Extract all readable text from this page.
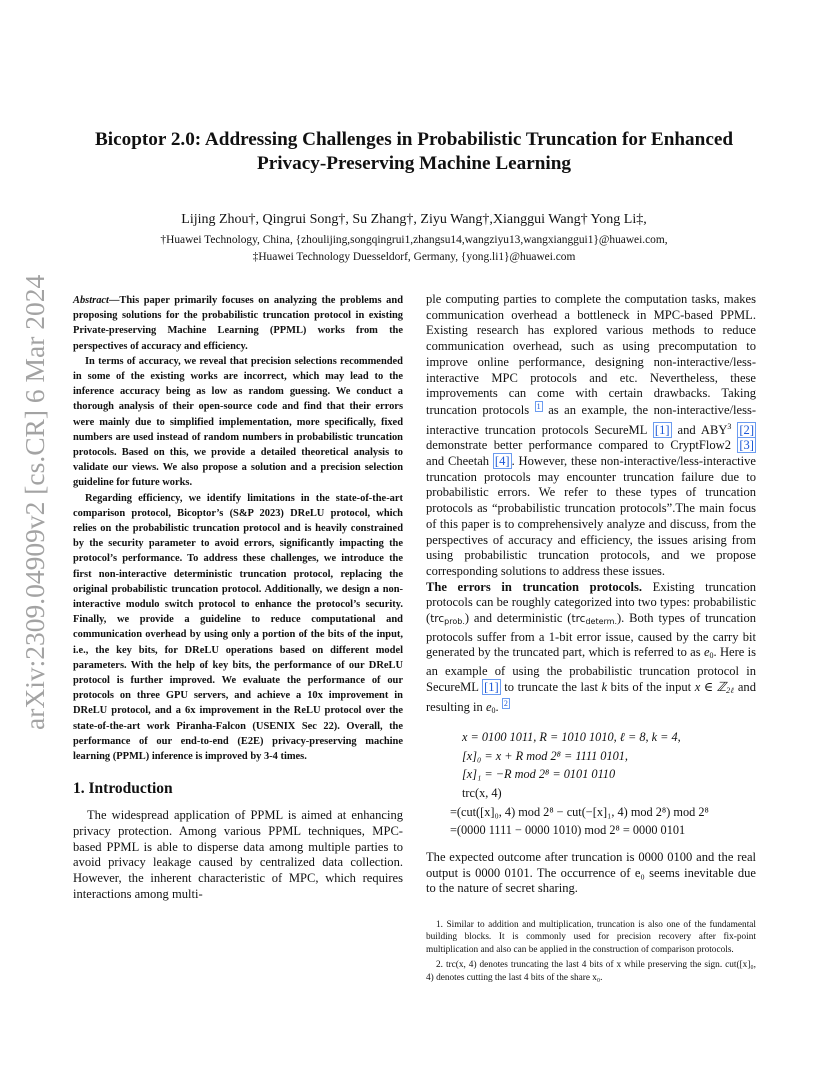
arXiv:2309.04909v2 [cs.CR] 6 Mar 2024
Bicoptor 2.0: Addressing Challenges in Probabilistic Truncation for Enhanced
Privacy-Preserving Machine Learning
Lijing Zhou†, Qingrui Song†, Su Zhang†, Ziyu Wang†,Xianggui Wang† Yong Li‡,
†Huawei Technology, China, {zhoulijing,songqingrui1,zhangsu14,wangziyu13,wangxianggui1}@huawei.com,
‡Huawei Technology Duesseldorf, Germany, {yong.li1}@huawei.com

Abstract—This paper primarily focuses on analyzing the problems and proposing solutions for the probabilistic truncation protocol in existing Private-preserving Machine Learning (PPML) works from the perspectives of accuracy and efficiency.

In terms of accuracy, we reveal that precision selections recommended in some of the existing works are incorrect, which may lead to the inference accuracy being as low as random guessing. We conduct a thorough analysis of their open-source code and find that their errors were mainly due to simplified implementation, more specifically, fixed numbers are used instead of random numbers in probabilistic truncation protocols. Based on this, we provide a detailed theoretical analysis to validate our views. We also propose a solution and a precision selection guideline for future works.

Regarding efficiency, we identify limitations in the state-of-the-art comparison protocol, Bicoptor’s (S&P 2023) DReLU protocol, which relies on the probabilistic truncation protocol and is heavily constrained by the security parameter to avoid errors, significantly impacting the protocol’s performance. To address these challenges, we introduce the first non-interactive deterministic truncation protocol, replacing the original probabilistic truncation protocol. Additionally, we design a non-interactive modulo switch protocol to enhance the protocol’s security. Finally, we provide a guideline to reduce computational and communication overhead by using only a portion of the bits of the input, i.e., the key bits, for DReLU operations based on different model parameters. With the help of key bits, the performance of our DReLU protocol is further improved. We evaluate the performance of our protocols on three GPU servers, and achieve a 10x improvement in DReLU protocol, and a 6x improvement in the ReLU protocol over the state-of-the-art work Piranha-Falcon (USENIX Sec 22). Overall, the performance of our end-to-end (E2E) privacy-preserving machine learning (PPML) inference is improved by 3-4 times.

1. Introduction

The widespread application of PPML is aimed at enhancing privacy protection. Among various PPML techniques, MPC-based PPML is able to disperse data among multiple parties to avoid privacy leakage caused by centralized data collection. However, the inherent characteristic of MPC, which requires interactions among multi-

ple computing parties to complete the computation tasks, makes communication overhead a bottleneck in MPC-based PPML. Existing research has explored various methods to reduce communication overhead, such as using precomputation to improve online performance, designing non-interactive/less-interactive MPC protocols and etc. Nevertheless, these improvements can come with certain drawbacks. Taking truncation protocols $^1$ as an example, the non-interactive/less-interactive truncation protocols SecureML [1] and ABY$^3$ [2] demonstrate better performance compared to CryptFlow2 [3] and Cheetah [4] . However, these non-interactive/less-interactive truncation protocols may encounter truncation failure due to probabilistic errors. We refer to these types of truncation protocols as “probabilistic truncation protocols”.The main focus of this paper is to comprehensively analyze and discuss, from the perspectives of accuracy and efficiency, the issues arising from using probabilistic truncation protocols, and we propose corresponding solutions to address these issues.

The errors in truncation protocols. Existing truncation protocols can be roughly categorized into two types: probabilistic (trc$_{prob.}$) and deterministic (trc$_{determ.}$). Both types of truncation protocols suffer from a 1-bit error issue, caused by the carry bit generated by the truncated part, which is referred to as $e_0$. Here is an example of using the probabilistic truncation protocol in SecureML [1] to truncate the last k bits of the input x ∈ ℤ$_{2\ell}$ and resulting in $e_0$. $^2$

x = 0100 1011, R = 1010 1010, ℓ = 8, k = 4,
[x]₀ = x + R mod 2⁸ = 1111 0101,
[x]₁ = −R mod 2⁸ = 0101 0110
trc(x, 4)
=(cut([x]₀, 4) mod 2⁸ − cut(−[x]₁, 4) mod 2⁸) mod 2⁸
=(0000 1111 − 0000 1010) mod 2⁸ = 0000 0101

The expected outcome after truncation is 0000 0100 and the real output is 0000 0101. The occurrence of e₀ seems inevitable due to the nature of secret sharing.

1. Similar to addition and multiplication, truncation is also one of the fundamental building blocks. It is commonly used for precision recovery after fix-point multiplication and also can be applied in the construction of comparison protocols.

2. trc(x, 4) denotes truncating the last 4 bits of x while preserving the sign. cut([x]₀, 4) denotes cutting the last 4 bits of the share x₀.
